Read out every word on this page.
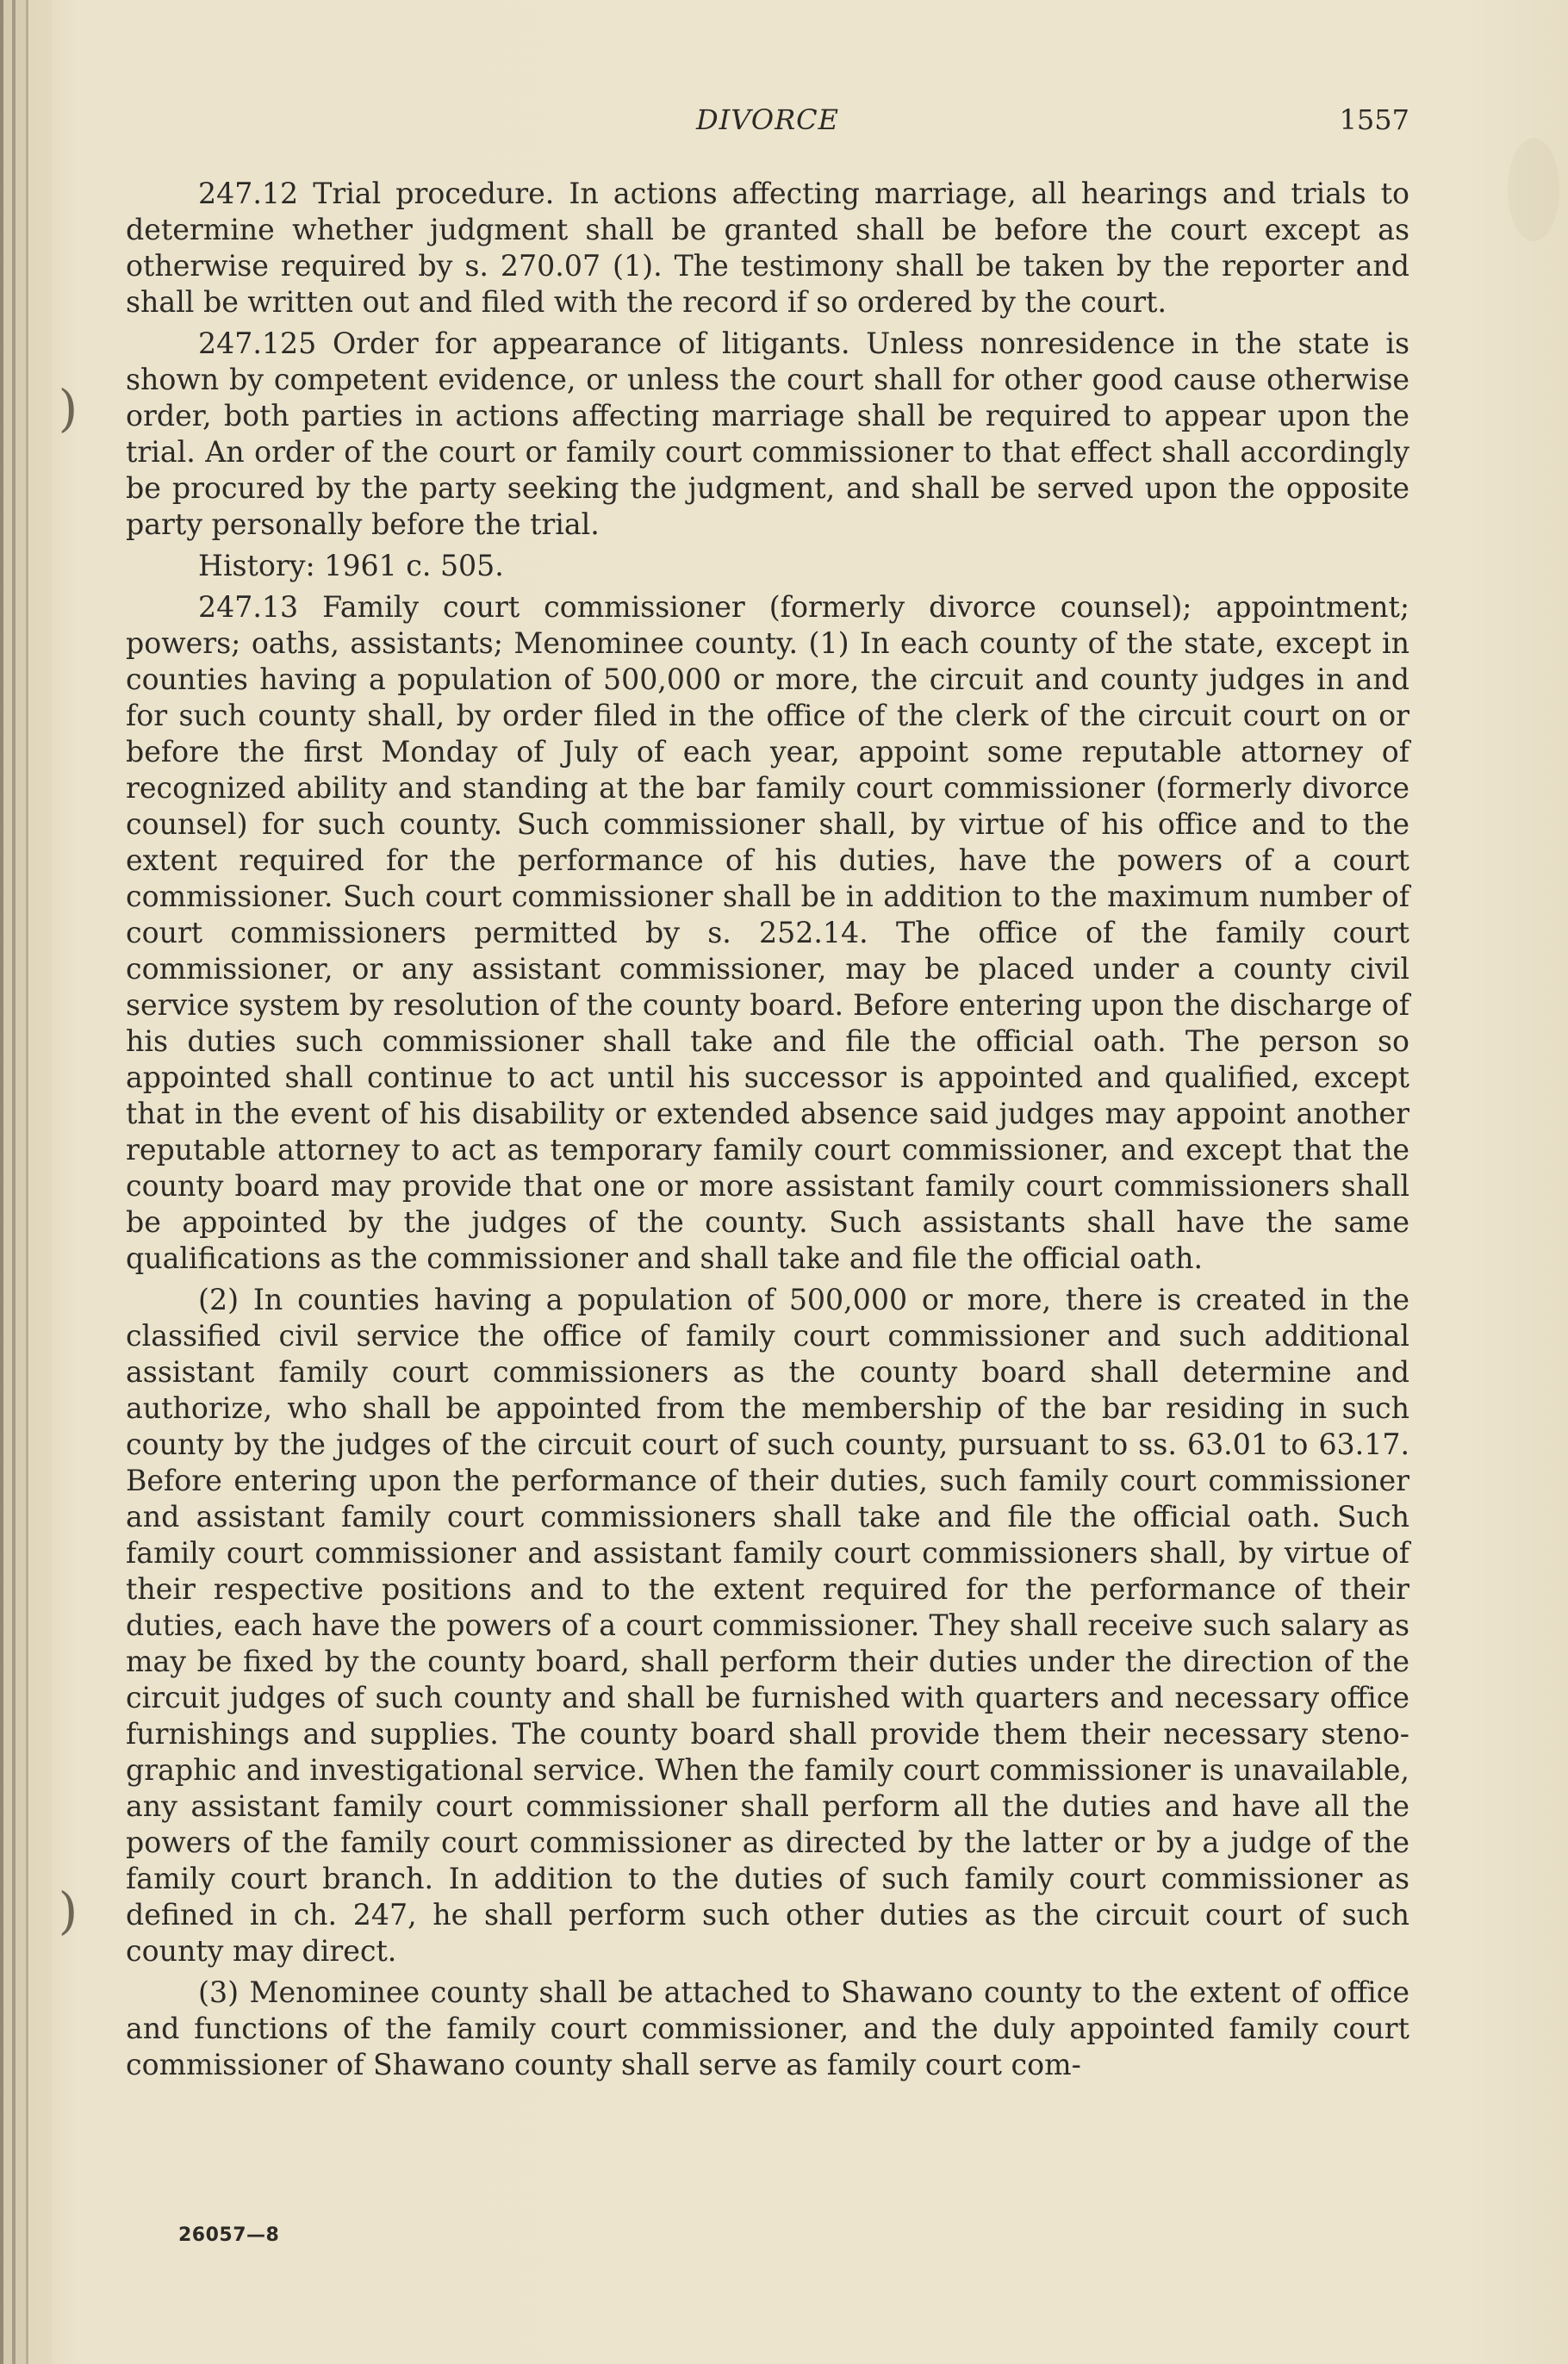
)
)
DIVORCE	1557

247.12 Trial procedure. In actions affecting marriage, all hearings and trials to determine whether judgment shall be granted shall be before the court except as otherwise required by s. 270.07 (1). The testimony shall be taken by the reporter and shall be written out and filed with the record if so ordered by the court.

247.125 Order for appearance of litigants. Unless nonresidence in the state is shown by competent evidence, or unless the court shall for other good cause otherwise order, both parties in actions affecting marriage shall be required to appear upon the trial. An order of the court or family court commissioner to that effect shall accordingly be procured by the party seeking the judgment, and shall be served upon the opposite party personally before the trial.

History: 1961 c. 505.

247.13 Family court commissioner (formerly divorce counsel); appointment; powers; oaths, assistants; Menominee county. (1) In each county of the state, except in counties having a population of 500,000 or more, the circuit and county judges in and for such county shall, by order filed in the office of the clerk of the circuit court on or before the first Monday of July of each year, appoint some reputable attorney of recognized ability and standing at the bar family court commissioner (formerly divorce counsel) for such county. Such commissioner shall, by virtue of his office and to the extent required for the performance of his duties, have the powers of a court commissioner. Such court commissioner shall be in addition to the maximum number of court commissioners permitted by s. 252.14. The office of the family court commissioner, or any assistant commissioner, may be placed under a county civil service system by resolution of the county board. Before entering upon the discharge of his duties such commissioner shall take and file the official oath. The person so appointed shall continue to act until his successor is appointed and qualified, except that in the event of his disability or extended absence said judges may appoint another reputable attorney to act as temporary family court commissioner, and except that the county board may provide that one or more assistant family court commissioners shall be appointed by the judges of the county. Such assistants shall have the same qualifications as the commissioner and shall take and file the official oath.

(2) In counties having a population of 500,000 or more, there is created in the classified civil service the office of family court commissioner and such additional assistant family court commissioners as the county board shall determine and authorize, who shall be appointed from the membership of the bar residing in such county by the judges of the circuit court of such county, pursuant to ss. 63.01 to 63.17. Before entering upon the performance of their duties, such family court commissioner and assistant family court commissioners shall take and file the official oath. Such family court commissioner and assistant family court commissioners shall, by virtue of their respective positions and to the extent required for the performance of their duties, each have the powers of a court commissioner. They shall receive such salary as may be fixed by the county board, shall perform their duties under the direction of the circuit judges of such county and shall be furnished with quarters and necessary office furnishings and supplies. The county board shall provide them their necessary stenographic and investigational service. When the family court commissioner is unavailable, any assistant family court commissioner shall perform all the duties and have all the powers of the family court commissioner as directed by the latter or by a judge of the family court branch. In addition to the duties of such family court commissioner as defined in ch. 247, he shall perform such other duties as the circuit court of such county may direct.

(3) Menominee county shall be attached to Shawano county to the extent of office and functions of the family court commissioner, and the duly appointed family court commissioner of Shawano county shall serve as family court com-

26057—8
